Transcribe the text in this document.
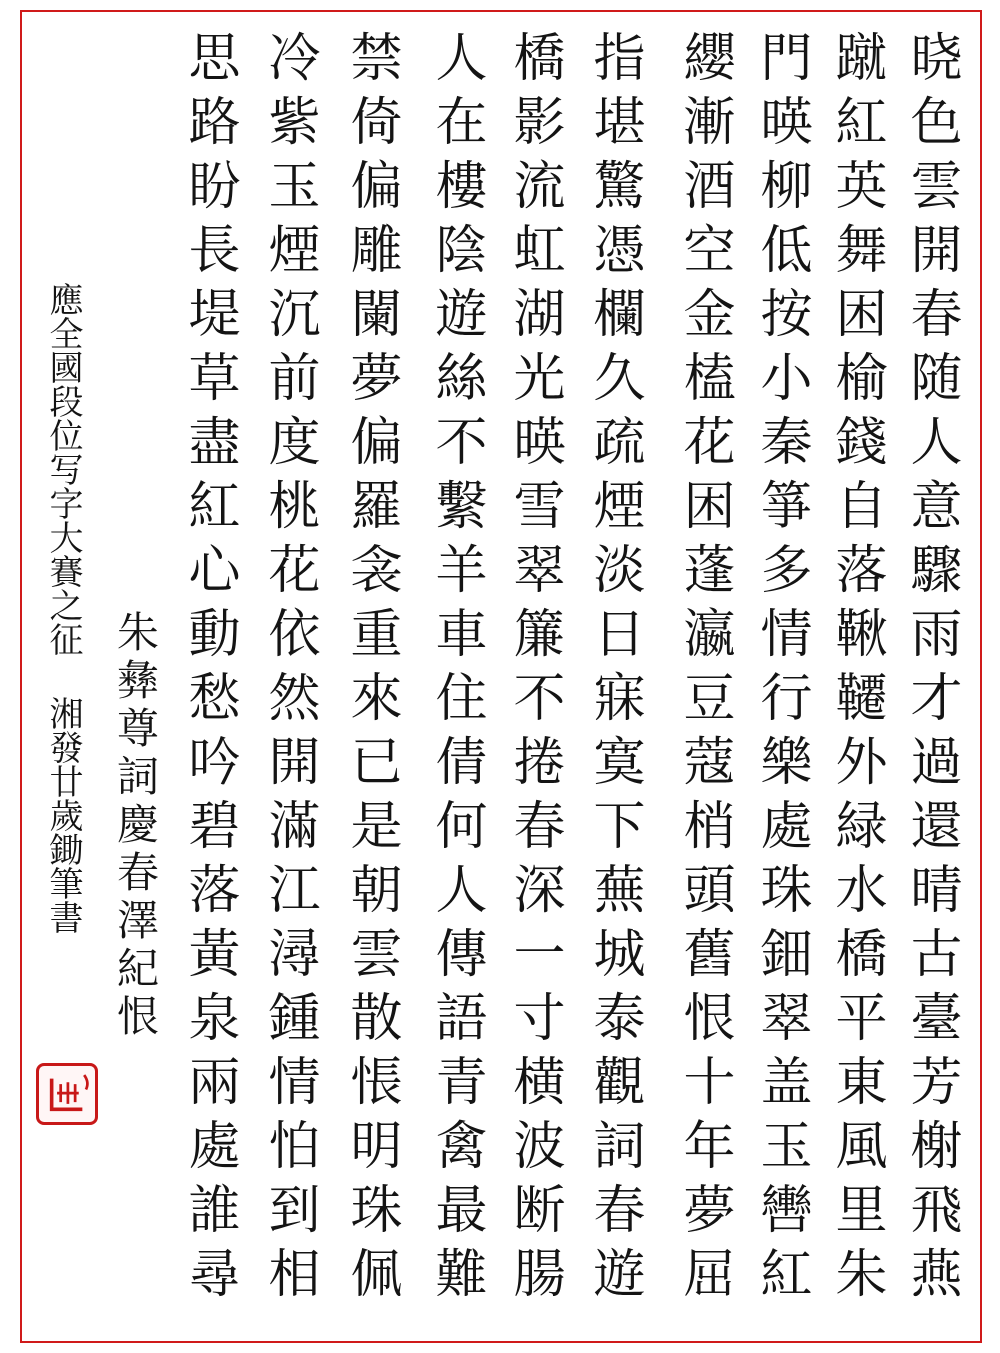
晓色雲開春随人意驟雨才過還晴古臺芳榭飛燕
蹴紅英舞困榆錢自落鞦韆外緑水橋平東風里朱
門暎柳低按小秦箏多情行樂處珠鈿翠盖玉轡紅
纓漸酒空金榼花困蓬瀛豆蔻梢頭舊恨十年夢屈
指堪驚憑欄久疏煙淡日寐寞下蕪城泰觀詞春遊
橋影流虹湖光暎雪翠簾不捲春深一寸横波断腸
人在樓陰遊絲不繫羊車住倩何人傳語青禽最難
禁倚偏雕闌夢偏羅衾重來已是朝雲散悵明珠佩
冷紫玉煙沉前度桃花依然開滿江潯鍾情怕到相
思路盼長堤草盡紅心動愁吟碧落黃泉兩處誰尋
朱彝尊詞慶春澤紀恨
應全國段位写字大賽之征 湘發廿歲鋤筆書
